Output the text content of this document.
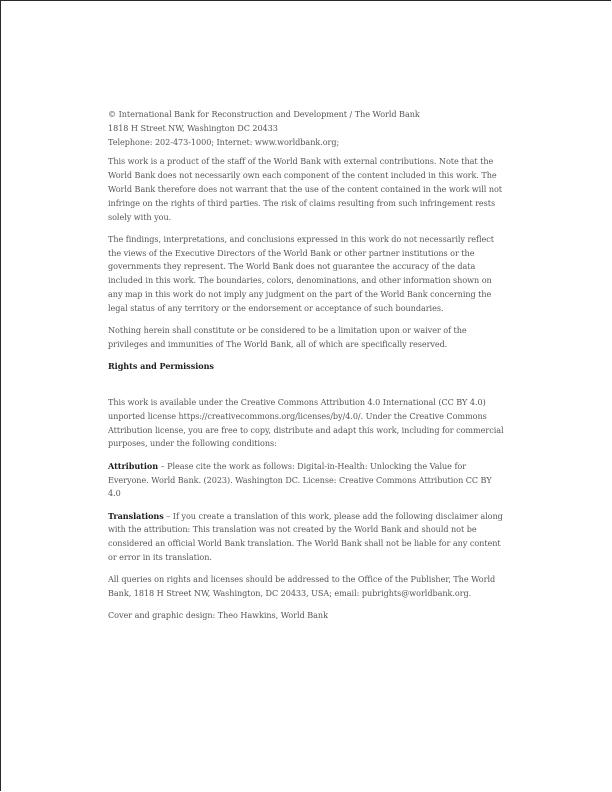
© International Bank for Reconstruction and Development / The World Bank
1818 H Street NW, Washington DC 20433
Telephone: 202-473-1000; Internet: www.worldbank.org;

This work is a product of the staff of the World Bank with external contributions. Note that the World Bank does not necessarily own each component of the content included in this work. The World Bank therefore does not warrant that the use of the content contained in the work will not infringe on the rights of third parties. The risk of claims resulting from such infringement rests solely with you.

The findings, interpretations, and conclusions expressed in this work do not necessarily reflect the views of the Executive Directors of the World Bank or other partner institutions or the governments they represent. The World Bank does not guarantee the accuracy of the data included in this work. The boundaries, colors, denominations, and other information shown on any map in this work do not imply any judgment on the part of the World Bank concerning the legal status of any territory or the endorsement or acceptance of such boundaries.

Nothing herein shall constitute or be considered to be a limitation upon or waiver of the privileges and immunities of The World Bank, all of which are specifically reserved.

Rights and Permissions

This work is available under the Creative Commons Attribution 4.0 International (CC BY 4.0) unported license https://creativecommons.org/licenses/by/4.0/. Under the Creative Commons Attribution license, you are free to copy, distribute and adapt this work, including for commercial purposes, under the following conditions:

Attribution – Please cite the work as follows: Digital-in-Health: Unlocking the Value for Everyone. World Bank. (2023). Washington DC. License: Creative Commons Attribution CC BY 4.0

Translations – If you create a translation of this work, please add the following disclaimer along with the attribution: This translation was not created by the World Bank and should not be considered an official World Bank translation. The World Bank shall not be liable for any content or error in its translation.

All queries on rights and licenses should be addressed to the Office of the Publisher, The World Bank, 1818 H Street NW, Washington, DC 20433, USA; email: pubrights@worldbank.org.

Cover and graphic design: Theo Hawkins, World Bank
